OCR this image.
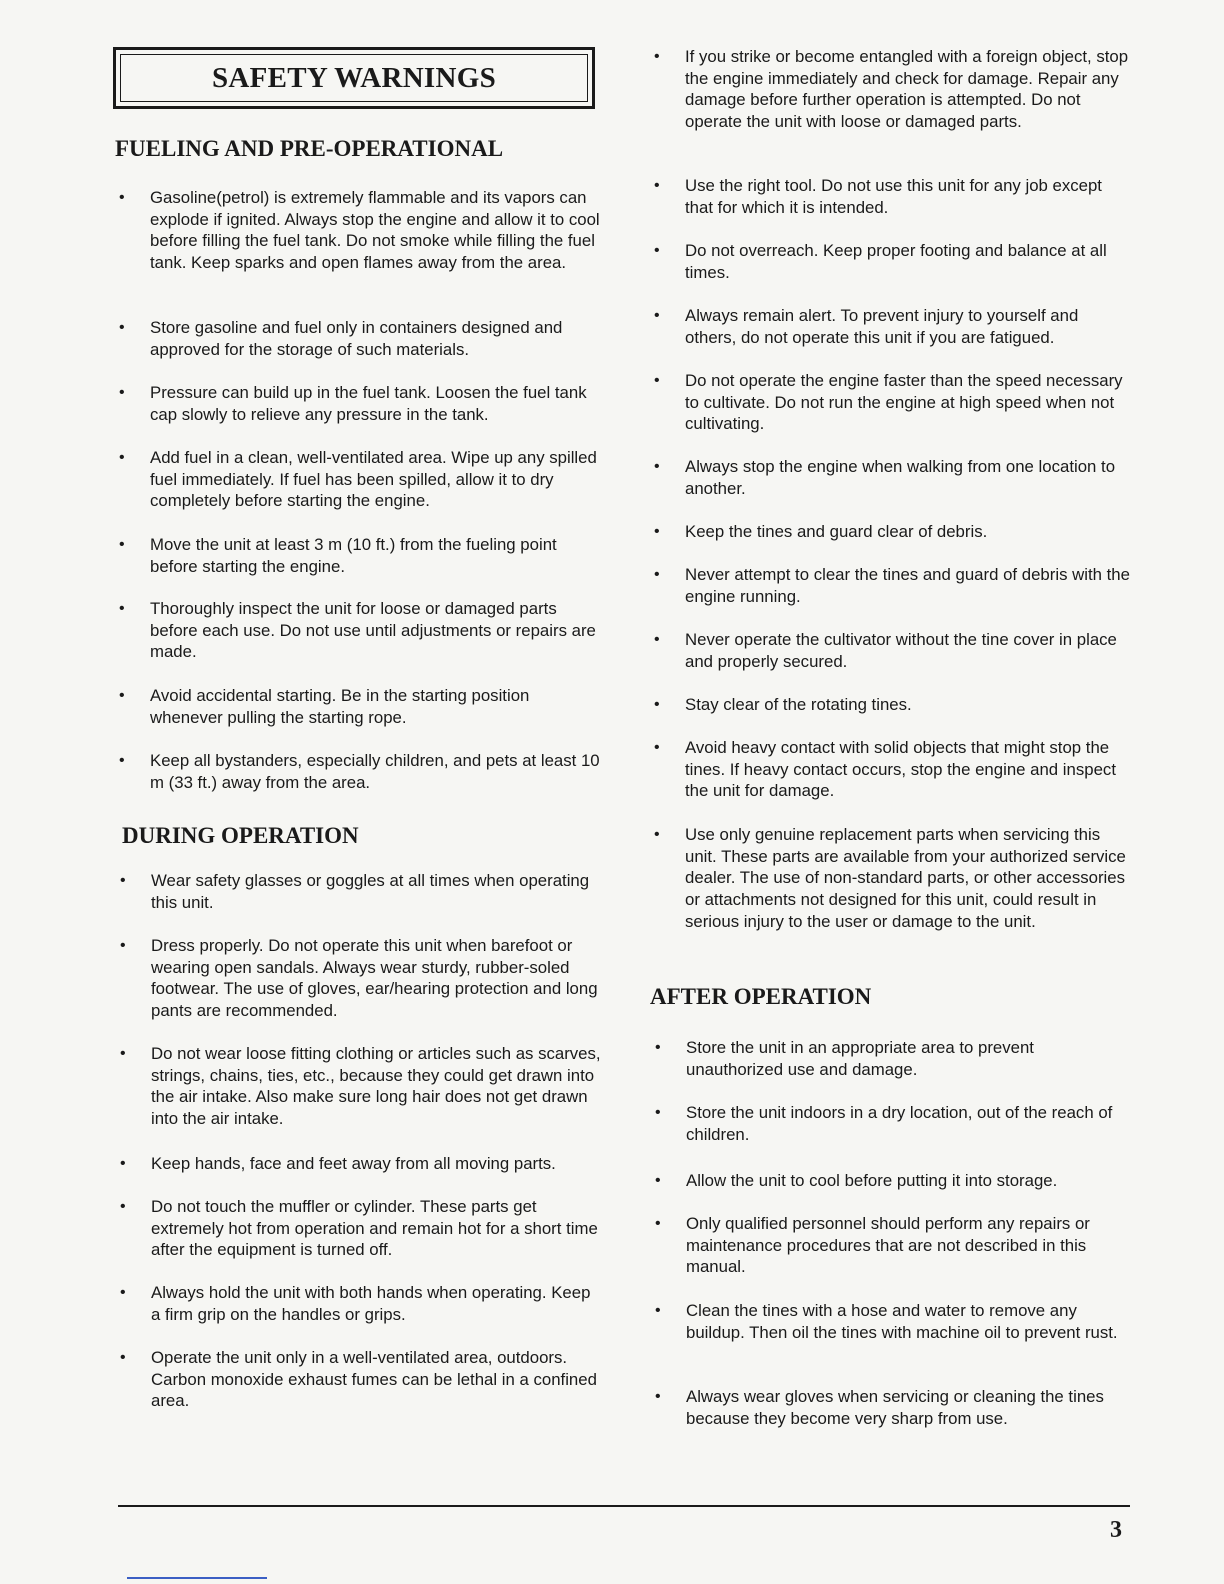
SAFETY WARNINGS
FUELING AND PRE-OPERATIONAL
• Gasoline(petrol) is extremely flammable and its vapors can explode if ignited. Always stop the engine and allow it to cool before filling the fuel tank. Do not smoke while filling the fuel tank. Keep sparks and open flames away from the area.
• Store gasoline and fuel only in containers designed and approved for the storage of such materials.
• Pressure can build up in the fuel tank. Loosen the fuel tank cap slowly to relieve any pressure in the tank.
• Add fuel in a clean, well-ventilated area. Wipe up any spilled fuel immediately. If fuel has been spilled, allow it to dry completely before starting the engine.
• Move the unit at least 3 m (10 ft.) from the fueling point before starting the engine.
• Thoroughly inspect the unit for loose or damaged parts before each use. Do not use until adjustments or repairs are made.
• Avoid accidental starting. Be in the starting position whenever pulling the starting rope.
• Keep all bystanders, especially children, and pets at least 10 m (33 ft.) away from the area.
DURING OPERATION
• Wear safety glasses or goggles at all times when operating this unit.
• Dress properly. Do not operate this unit when barefoot or wearing open sandals. Always wear sturdy, rubber-soled footwear. The use of gloves, ear/hearing protection and long pants are recommended.
• Do not wear loose fitting clothing or articles such as scarves, strings, chains, ties, etc., because they could get drawn into the air intake. Also make sure long hair does not get drawn into the air intake.
• Keep hands, face and feet away from all moving parts.
• Do not touch the muffler or cylinder. These parts get extremely hot from operation and remain hot for a short time after the equipment is turned off.
• Always hold the unit with both hands when operating. Keep a firm grip on the handles or grips.
• Operate the unit only in a well-ventilated area, outdoors. Carbon monoxide exhaust fumes can be lethal in a confined area.
• If you strike or become entangled with a foreign object, stop the engine immediately and check for damage. Repair any damage before further operation is attempted. Do not operate the unit with loose or damaged parts.
• Use the right tool. Do not use this unit for any job except that for which it is intended.
• Do not overreach. Keep proper footing and balance at all times.
• Always remain alert. To prevent injury to yourself and others, do not operate this unit if you are fatigued.
• Do not operate the engine faster than the speed necessary to cultivate. Do not run the engine at high speed when not cultivating.
• Always stop the engine when walking from one location to another.
• Keep the tines and guard clear of debris.
• Never attempt to clear the tines and guard of debris with the engine running.
• Never operate the cultivator without the tine cover in place and properly secured.
• Stay clear of the rotating tines.
• Avoid heavy contact with solid objects that might stop the tines. If heavy contact occurs, stop the engine and inspect the unit for damage.
• Use only genuine replacement parts when servicing this unit. These parts are available from your authorized service dealer. The use of non-standard parts, or other accessories or attachments not designed for this unit, could result in serious injury to the user or damage to the unit.
AFTER OPERATION
• Store the unit in an appropriate area to prevent unauthorized use and damage.
• Store the unit indoors in a dry location, out of the reach of children.
• Allow the unit to cool before putting it into storage.
• Only qualified personnel should perform any repairs or maintenance procedures that are not described in this manual.
• Clean the tines with a hose and water to remove any buildup. Then oil the tines with machine oil to prevent rust.
• Always wear gloves when servicing or cleaning the tines because they become very sharp from use.
3
